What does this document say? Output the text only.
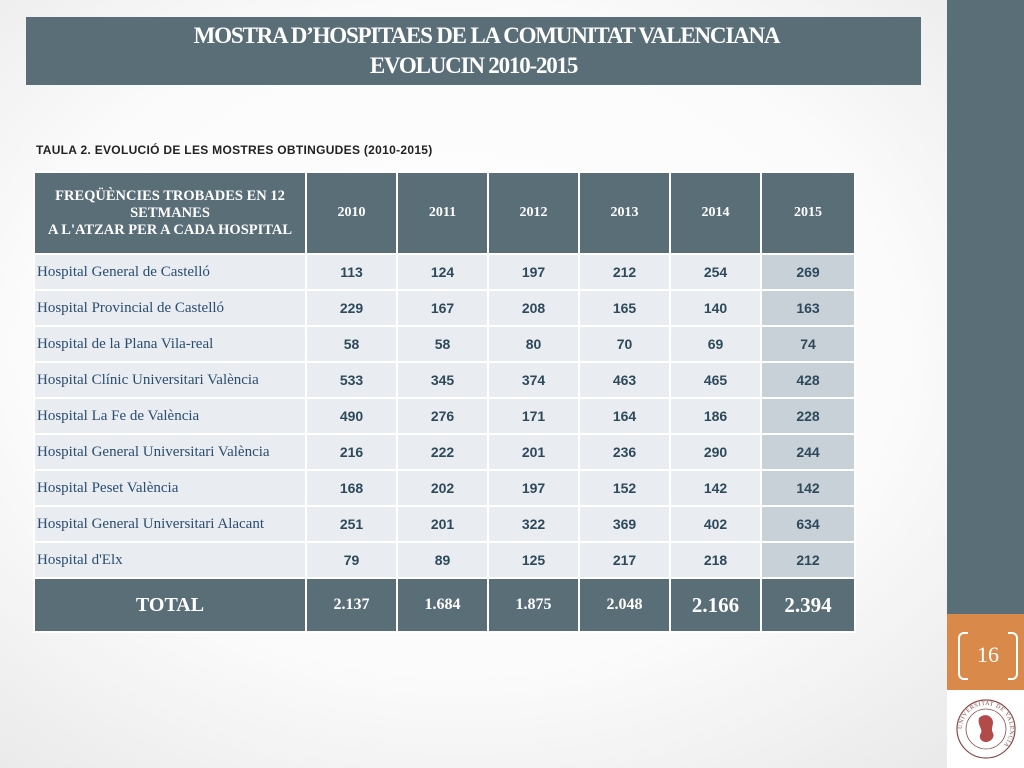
16
UNIVERSITAT DE VALÈNCIA
MOSTRA D’HOSPITAES DE LA COMUNITAT VALENCIANA
EVOLUCIN 2010-2015
TAULA 2. EVOLUCIÓ DE LES MOSTRES OBTINGUDES (2010-2015)
FREQÜÈNCIES TROBADES EN 12 SETMANES
A L'ATZAR PER A CADA HOSPITAL	2010	2011	2012	2013	2014	2015
Hospital General de Castelló	113	124	197	212	254	269
Hospital Provincial de Castelló	229	167	208	165	140	163
Hospital de la Plana Vila-real	58	58	80	70	69	74
Hospital Clínic Universitari València	533	345	374	463	465	428
Hospital La Fe de València	490	276	171	164	186	228
Hospital General Universitari València	216	222	201	236	290	244
Hospital Peset València	168	202	197	152	142	142
Hospital General Universitari Alacant	251	201	322	369	402	634
Hospital d'Elx	79	89	125	217	218	212
TOTAL	2.137	1.684	1.875	2.048	2.166	2.394
